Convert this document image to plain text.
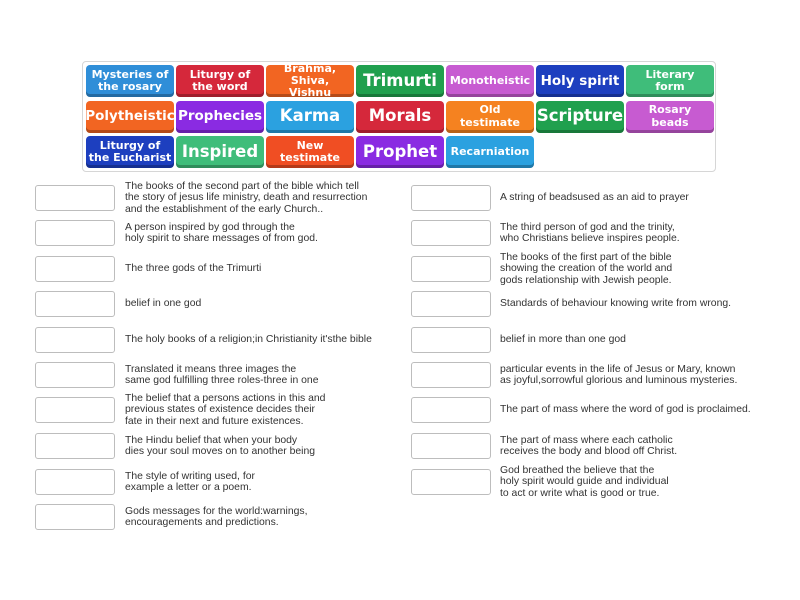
Mysteries of
the rosary
Liturgy of
the word
Brahma,
Shiva, Vishnu
Trimurti	Monotheistic Holy spirit	Literary
form
Polytheistic Prophecies	Karma	Morals	Old
testimate	Scripture	Rosary
beads
Liturgy of
the Eucharist Inspired	New
testimate	Prophet	Recarniation
The books of the second part of the bible which tell
the story of jesus life ministry, death and resurrection
and the establishment of the early Church..
A person inspired by god through the
holy spirit to share messages of from god.
The three gods of the Trimurti
belief in one god
The holy books of a religion;in Christianity it'sthe bible
Translated it means three images the
same god fulfilling three roles-three in one
The belief that a persons actions in this and
previous states of existence decides their
fate in their next and future existences.
The Hindu belief that when your body
dies your soul moves on to another being
The style of writing used, for
example a letter or a poem.
Gods messages for the world:warnings,
encouragements and predictions.
A string of beadsused as an aid to prayer
The third person of god and the trinity,
who Christians believe inspires people.
The books of the first part of the bible
showing the creation of the world and
gods relationship with Jewish people.
Standards of behaviour knowing write from wrong.
belief in more than one god
particular events in the life of Jesus or Mary, known
as joyful,sorrowful glorious and luminous mysteries.
The part of mass where the word of god is proclaimed.
The part of mass where each catholic
receives the body and blood off Christ.
God breathed the believe that the
holy spirit would guide and individual
to act or write what is good or true.
